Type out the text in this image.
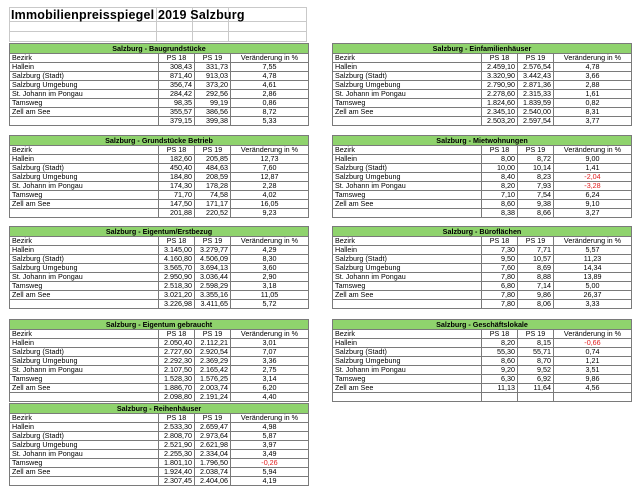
Immobilienpreisspiegel 2019 Salzburg
Salzburg - Baugrundstücke			
Bezirk	PS 18	PS 19	Veränderung in %
Hallein	308,43	331,73	7,55
Salzburg (Stadt)	871,40	913,03	4,78
Salzburg Umgebung	356,74	373,20	4,61
St. Johann im Pongau	284,42	292,56	2,86
Tamsweg	98,35	99,19	0,86
Zell am See	355,57	386,56	8,72
	379,15	399,38	5,33
Salzburg - Grundstücke Betrieb			
Bezirk	PS 18	PS 19	Veränderung in %
Hallein	182,60	205,85	12,73
Salzburg (Stadt)	450,40	484,63	7,60
Salzburg Umgebung	184,80	208,59	12,87
St. Johann im Pongau	174,30	178,28	2,28
Tamsweg	71,70	74,58	4,02
Zell am See	147,50	171,17	16,05
	201,88	220,52	9,23
Salzburg - Eigentum/Erstbezug			
Bezirk	PS 18	PS 19	Veränderung in %
Hallein	3.145,00	3.279,77	4,29
Salzburg (Stadt)	4.160,80	4.506,09	8,30
Salzburg Umgebung	3.565,70	3.694,13	3,60
St. Johann im Pongau	2.950,90	3.036,44	2,90
Tamsweg	2.518,30	2.598,29	3,18
Zell am See	3.021,20	3.355,16	11,05
	3.226,98	3.411,65	5,72
Salzburg - Eigentum gebraucht			
Bezirk	PS 18	PS 19	Veränderung in %
Hallein	2.050,40	2.112,21	3,01
Salzburg (Stadt)	2.727,60	2.920,54	7,07
Salzburg Umgebung	2.292,30	2.369,29	3,36
St. Johann im Pongau	2.107,50	2.165,42	2,75
Tamsweg	1.528,30	1.576,25	3,14
Zell am See	1.886,70	2.003,74	6,20
	2.098,80	2.191,24	4,40
Salzburg - Reihenhäuser			
Bezirk	PS 18	PS 19	Veränderung in %
Hallein	2.533,30	2.659,47	4,98
Salzburg (Stadt)	2.808,70	2.973,64	5,87
Salzburg Umgebung	2.521,90	2.621,98	3,97
St. Johann im Pongau	2.255,30	2.334,04	3,49
Tamsweg	1.801,10	1.796,50	-0,26
Zell am See	1.924,40	2.038,74	5,94
	2.307,45	2.404,06	4,19
Salzburg - Einfamilienhäuser			
Bezirk	PS 18	PS 19	Veränderung in %
Hallein	2.459,10	2.576,54	4,78
Salzburg (Stadt)	3.320,90	3.442,43	3,66
Salzburg Umgebung	2.790,90	2.871,36	2,88
St. Johann im Pongau	2.278,60	2.315,33	1,61
Tamsweg	1.824,60	1.839,59	0,82
Zell am See	2.345,10	2.540,00	8,31
	2.503,20	2.597,54	3,77
Salzburg - Mietwohnungen			
Bezirk	PS 18	PS 19	Veränderung in %
Hallein	8,00	8,72	9,00
Salzburg (Stadt)	10,00	10,14	1,41
Salzburg Umgebung	8,40	8,23	-2,04
St. Johann im Pongau	8,20	7,93	-3,28
Tamsweg	7,10	7,54	6,24
Zell am See	8,60	9,38	9,10
	8,38	8,66	3,27
Salzburg - Büroflächen			
Bezirk	PS 18	PS 19	Veränderung in %
Hallein	7,30	7,71	5,57
Salzburg (Stadt)	9,50	10,57	11,23
Salzburg Umgebung	7,60	8,69	14,34
St. Johann im Pongau	7,80	8,88	13,89
Tamsweg	6,80	7,14	5,00
Zell am See	7,80	9,86	26,37
	7,80	8,06	3,33
Salzburg - Geschäftslokale			
Bezirk	PS 18	PS 19	Veränderung in %
Hallein	8,20	8,15	-0,66
Salzburg (Stadt)	55,30	55,71	0,74
Salzburg Umgebung	8,60	8,70	1,21
St. Johann im Pongau	9,20	9,52	3,51
Tamsweg	6,30	6,92	9,86
Zell am See	11,13	11,64	4,56
